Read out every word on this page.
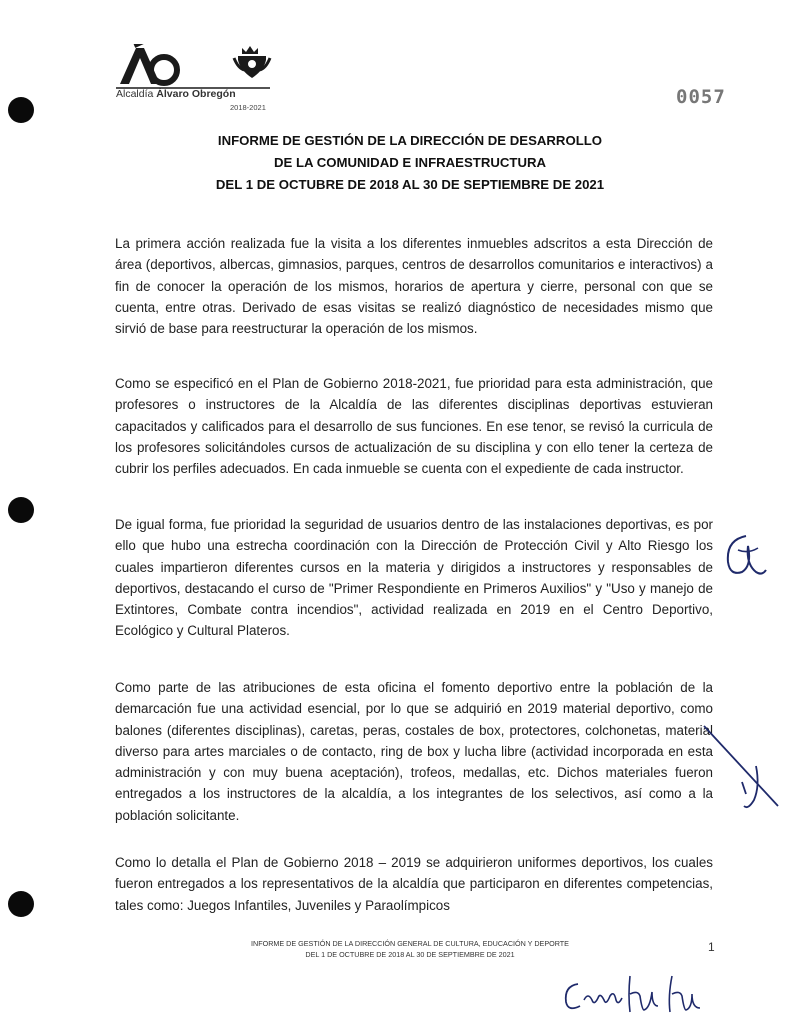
Alcaldía Álvaro Obregón
2018-2021	0057
INFORME DE GESTIÓN DE LA DIRECCIÓN DE DESARROLLO
DE LA COMUNIDAD E INFRAESTRUCTURA
DEL 1 DE OCTUBRE DE 2018 AL 30 DE SEPTIEMBRE DE 2021
La primera acción realizada fue la visita a los diferentes inmuebles adscritos a esta Dirección de área (deportivos, albercas, gimnasios, parques, centros de desarrollos comunitarios e interactivos) a fin de conocer la operación de los mismos, horarios de apertura y cierre, personal con que se cuenta, entre otras. Derivado de esas visitas se realizó diagnóstico de necesidades mismo que sirvió de base para reestructurar la operación de los mismos.
Como se especificó en el Plan de Gobierno 2018-2021, fue prioridad para esta administración, que profesores o instructores de la Alcaldía de las diferentes disciplinas deportivas estuvieran capacitados y calificados para el desarrollo de sus funciones. En ese tenor, se revisó la curricula de los profesores solicitándoles cursos de actualización de su disciplina y con ello tener la certeza de cubrir los perfiles adecuados. En cada inmueble se cuenta con el expediente de cada instructor.
De igual forma, fue prioridad la seguridad de usuarios dentro de las instalaciones deportivas, es por ello que hubo una estrecha coordinación con la Dirección de Protección Civil y Alto Riesgo los cuales impartieron diferentes cursos en la materia y dirigidos a instructores y responsables de deportivos, destacando el curso de "Primer Respondiente en Primeros Auxilios" y "Uso y manejo de Extintores, Combate contra incendios", actividad realizada en 2019 en el Centro Deportivo, Ecológico y Cultural Plateros.
Como parte de las atribuciones de esta oficina el fomento deportivo entre la población de la demarcación fue una actividad esencial, por lo que se adquirió en 2019 material deportivo, como balones (diferentes disciplinas), caretas, peras, costales de box, protectores, colchonetas, material diverso para artes marciales o de contacto, ring de box y lucha libre (actividad incorporada en esta administración y con muy buena aceptación), trofeos, medallas, etc. Dichos materiales fueron entregados a los instructores de la alcaldía, a los integrantes de los selectivos, así como a la población solicitante.
Como lo detalla el Plan de Gobierno 2018 – 2019 se adquirieron uniformes deportivos, los cuales fueron entregados a los representativos de la alcaldía que participaron en diferentes competencias, tales como: Juegos Infantiles, Juveniles y Paraolímpicos
INFORME DE GESTIÓN DE LA DIRECCIÓN GENERAL DE CULTURA, EDUCACIÓN Y DEPORTE
DEL 1 DE OCTUBRE DE 2018 AL 30 DE SEPTIEMBRE DE 2021
1
